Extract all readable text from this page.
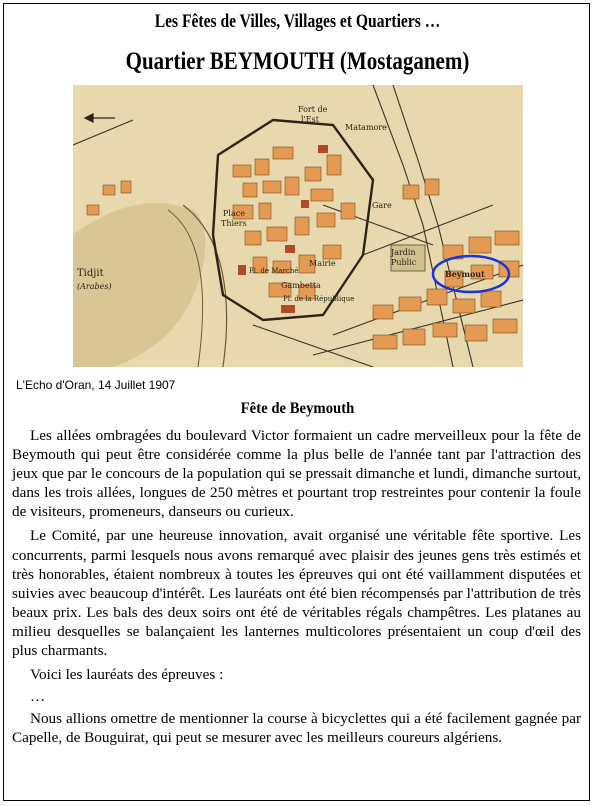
Les Fêtes de Villes, Villages et Quartiers …
Quartier BEYMOUTH (Mostaganem)
Fort de
l'Est
Matamore
Gare
Tidjit
(Arabes)
Place
Thiers
Jardin
Public
Beymout
Mairie
Gambetta
Pl. de Marché
Pl. de la République
L'Echo d'Oran, 14 Juillet 1907
Fête de Beymouth

Les allées ombragées du boulevard Victor formaient un cadre merveilleux pour la fête de Beymouth qui peut être considérée comme la plus belle de l'année tant par l'attraction des jeux que par le concours de la population qui se pressait dimanche et lundi, dimanche surtout, dans les trois allées, longues de 250 mètres et pourtant trop restreintes pour contenir la foule de visiteurs, promeneurs, danseurs ou curieux.

Le Comité, par une heureuse innovation, avait organisé une véritable fête sportive. Les concurrents, parmi lesquels nous avons remarqué avec plaisir des jeunes gens très estimés et très honorables, étaient nombreux à toutes les épreuves qui ont été vaillamment disputées et suivies avec beaucoup d'intérêt. Les lauréats ont été bien récompensés par l'attribution de très beaux prix. Les bals des deux soirs ont été de véritables régals champêtres. Les platanes au milieu desquelles se balançaient les lanternes multicolores présentaient un coup d'œil des plus charmants.

Voici les lauréats des épreuves :

…

Nous allions omettre de mentionner la course à bicyclettes qui a été facilement gagnée par Capelle, de Bouguirat, qui peut se mesurer avec les meilleurs coureurs algériens.
